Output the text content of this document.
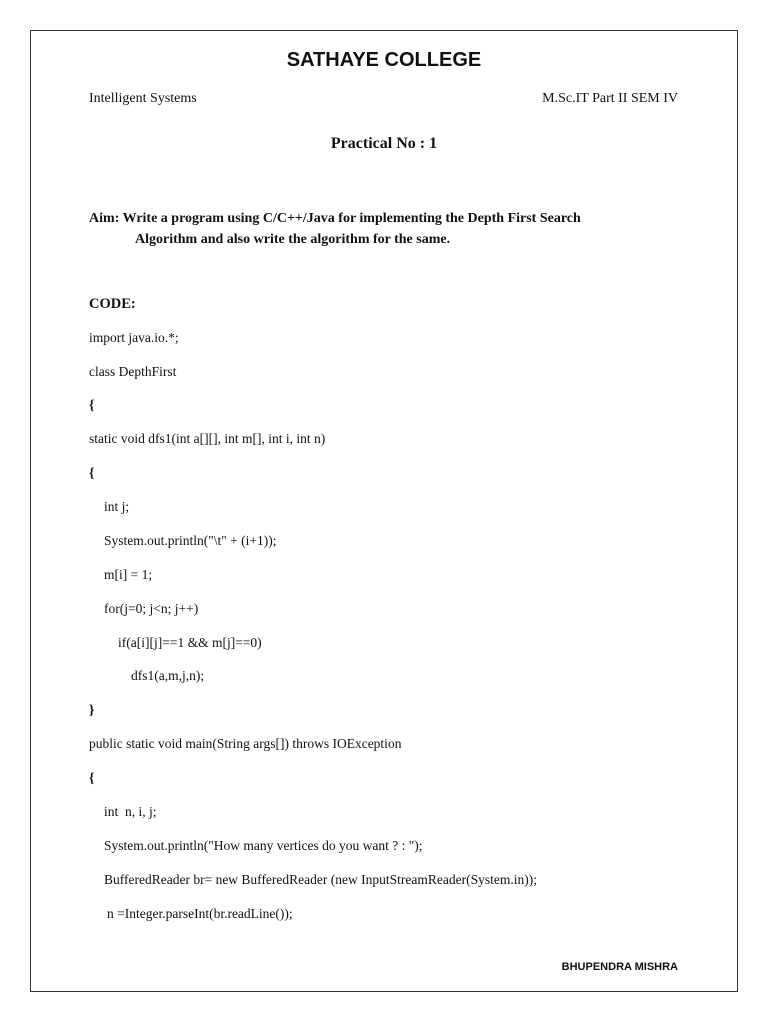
SATHAYE COLLEGE
Intelligent Systems	M.Sc.IT Part II SEM IV
Practical No : 1
Aim: Write a program using C/C++/Java for implementing the Depth First Search
Algorithm and also write the algorithm for the same.
CODE:
import java.io.*;
class DepthFirst
{
static void dfs1(int a[][], int m[], int i, int n)
{
int j;
System.out.println("\t" + (i+1));
m[i] = 1;
for(j=0; j<n; j++)
if(a[i][j]==1 && m[j]==0)
dfs1(a,m,j,n);
}
public static void main(String args[]) throws IOException
{
int  n, i, j;
System.out.println("How many vertices do you want ? : ");
BufferedReader br= new BufferedReader (new InputStreamReader(System.in));
n =Integer.parseInt(br.readLine());
BHUPENDRA MISHRA
